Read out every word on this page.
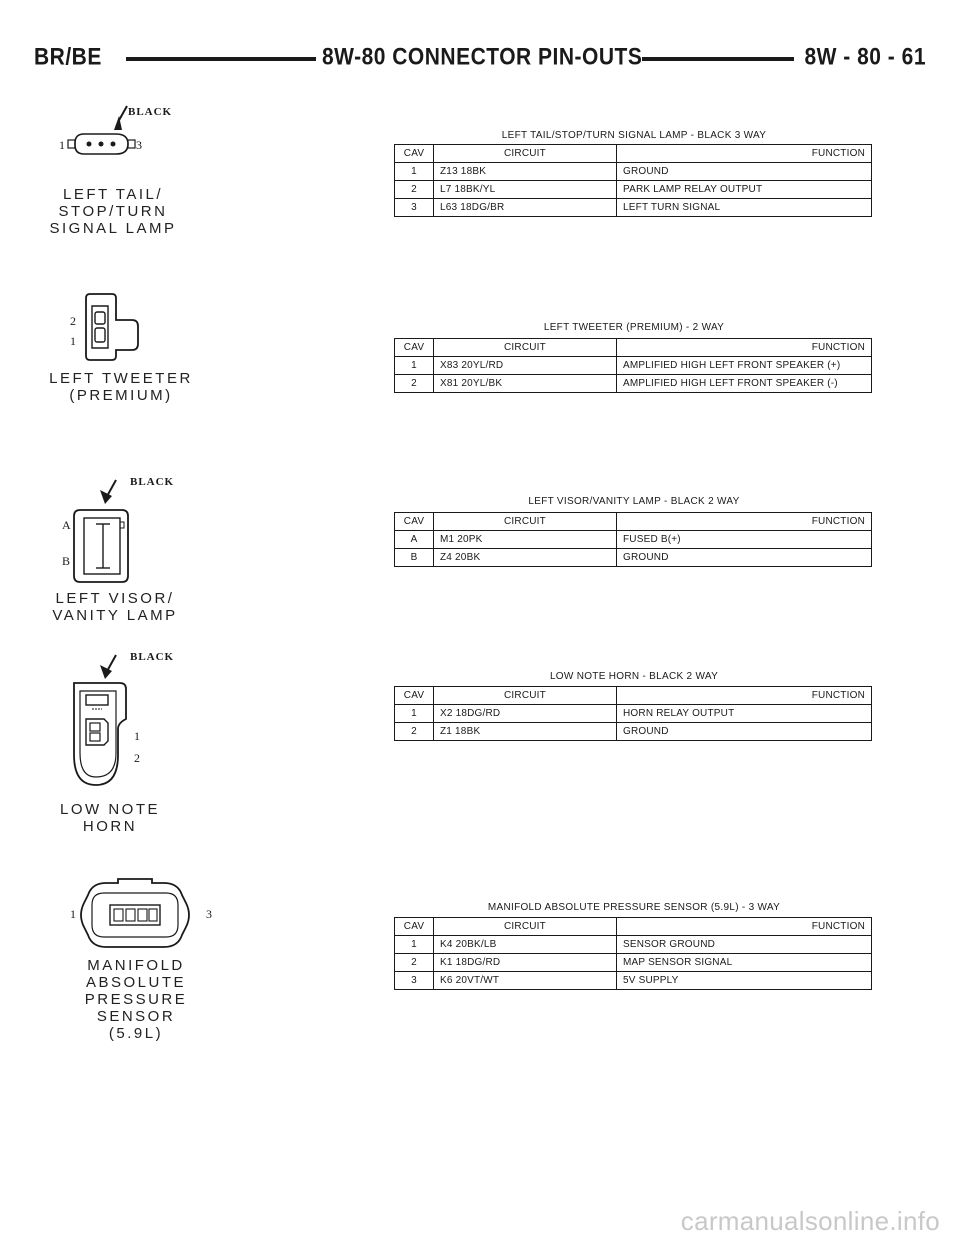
BR/BE	8W-80 CONNECTOR PIN-OUTS	8W - 80 - 61
BLACK
1	3
LEFT TAIL/
STOP/TURN
SIGNAL LAMP
LEFT TAIL/STOP/TURN SIGNAL LAMP - BLACK 3 WAY
CAV	CIRCUIT	FUNCTION
1	Z13 18BK	GROUND
2	L7 18BK/YL	PARK LAMP RELAY OUTPUT
3	L63 18DG/BR	LEFT TURN SIGNAL
2
1
LEFT TWEETER
(PREMIUM)
LEFT TWEETER (PREMIUM) - 2 WAY
CAV	CIRCUIT	FUNCTION
1	X83 20YL/RD	AMPLIFIED HIGH LEFT FRONT SPEAKER (+)
2	X81 20YL/BK	AMPLIFIED HIGH LEFT FRONT SPEAKER (-)
BLACK
A
B
LEFT VISOR/
VANITY LAMP
LEFT VISOR/VANITY LAMP - BLACK 2 WAY
CAV	CIRCUIT	FUNCTION
A	M1 20PK	FUSED B(+)
B	Z4 20BK	GROUND
BLACK
1
2
LOW NOTE
HORN
LOW NOTE HORN - BLACK 2 WAY
CAV	CIRCUIT	FUNCTION
1	X2 18DG/RD	HORN RELAY OUTPUT
2	Z1 18BK	GROUND
1	3
MANIFOLD ABSOLUTE
PRESSURE SENSOR
(5.9L)
MANIFOLD ABSOLUTE PRESSURE SENSOR (5.9L) - 3 WAY
CAV	CIRCUIT	FUNCTION
1	K4 20BK/LB	SENSOR GROUND
2	K1 18DG/RD	MAP SENSOR SIGNAL
3	K6 20VT/WT	5V SUPPLY
carmanualsonline.info
